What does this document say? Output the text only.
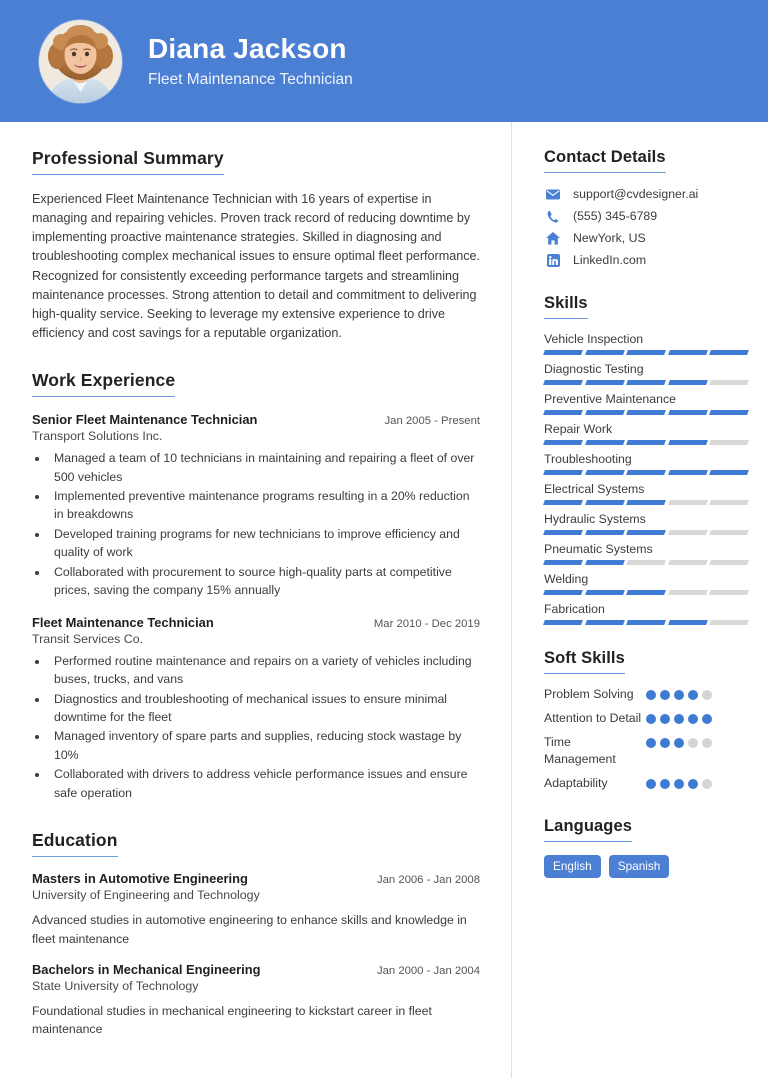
Diana Jackson
Fleet Maintenance Technician
Professional Summary

Experienced Fleet Maintenance Technician with 16 years of expertise in managing and repairing vehicles. Proven track record of reducing downtime by implementing proactive maintenance strategies. Skilled in diagnosing and troubleshooting complex mechanical issues to ensure optimal fleet performance. Recognized for consistently exceeding performance targets and streamlining maintenance processes. Strong attention to detail and commitment to delivering high-quality service. Seeking to leverage my extensive experience to drive efficiency and cost savings for a reputable organization.

Work Experience
Senior Fleet Maintenance Technician	Jan 2005 - Present
Transport Solutions Inc.
• Managed a team of 10 technicians in maintaining and repairing a fleet of over 500 vehicles
• Implemented preventive maintenance programs resulting in a 20% reduction in breakdowns
• Developed training programs for new technicians to improve efficiency and quality of work
• Collaborated with procurement to source high-quality parts at competitive prices, saving the company 15% annually
Fleet Maintenance Technician	Mar 2010 - Dec 2019
Transit Services Co.
• Performed routine maintenance and repairs on a variety of vehicles including buses, trucks, and vans
• Diagnostics and troubleshooting of mechanical issues to ensure minimal downtime for the fleet
• Managed inventory of spare parts and supplies, reducing stock wastage by 10%
• Collaborated with drivers to address vehicle performance issues and ensure safe operation
Education
Masters in Automotive Engineering	Jan 2006 - Jan 2008
University of Engineering and Technology
Advanced studies in automotive engineering to enhance skills and knowledge in fleet maintenance
Bachelors in Mechanical Engineering	Jan 2000 - Jan 2004
State University of Technology
Foundational studies in mechanical engineering to kickstart career in fleet maintenance
Contact Details
support@cvdesigner.ai
(555) 345-6789
NewYork, US
LinkedIn.com
Skills
Vehicle Inspection
Diagnostic Testing
Preventive Maintenance
Repair Work
Troubleshooting
Electrical Systems
Hydraulic Systems
Pneumatic Systems
Welding
Fabrication
Soft Skills
Problem Solving
Attention to Detail
Time Management
Adaptability
Languages
English	Spanish
